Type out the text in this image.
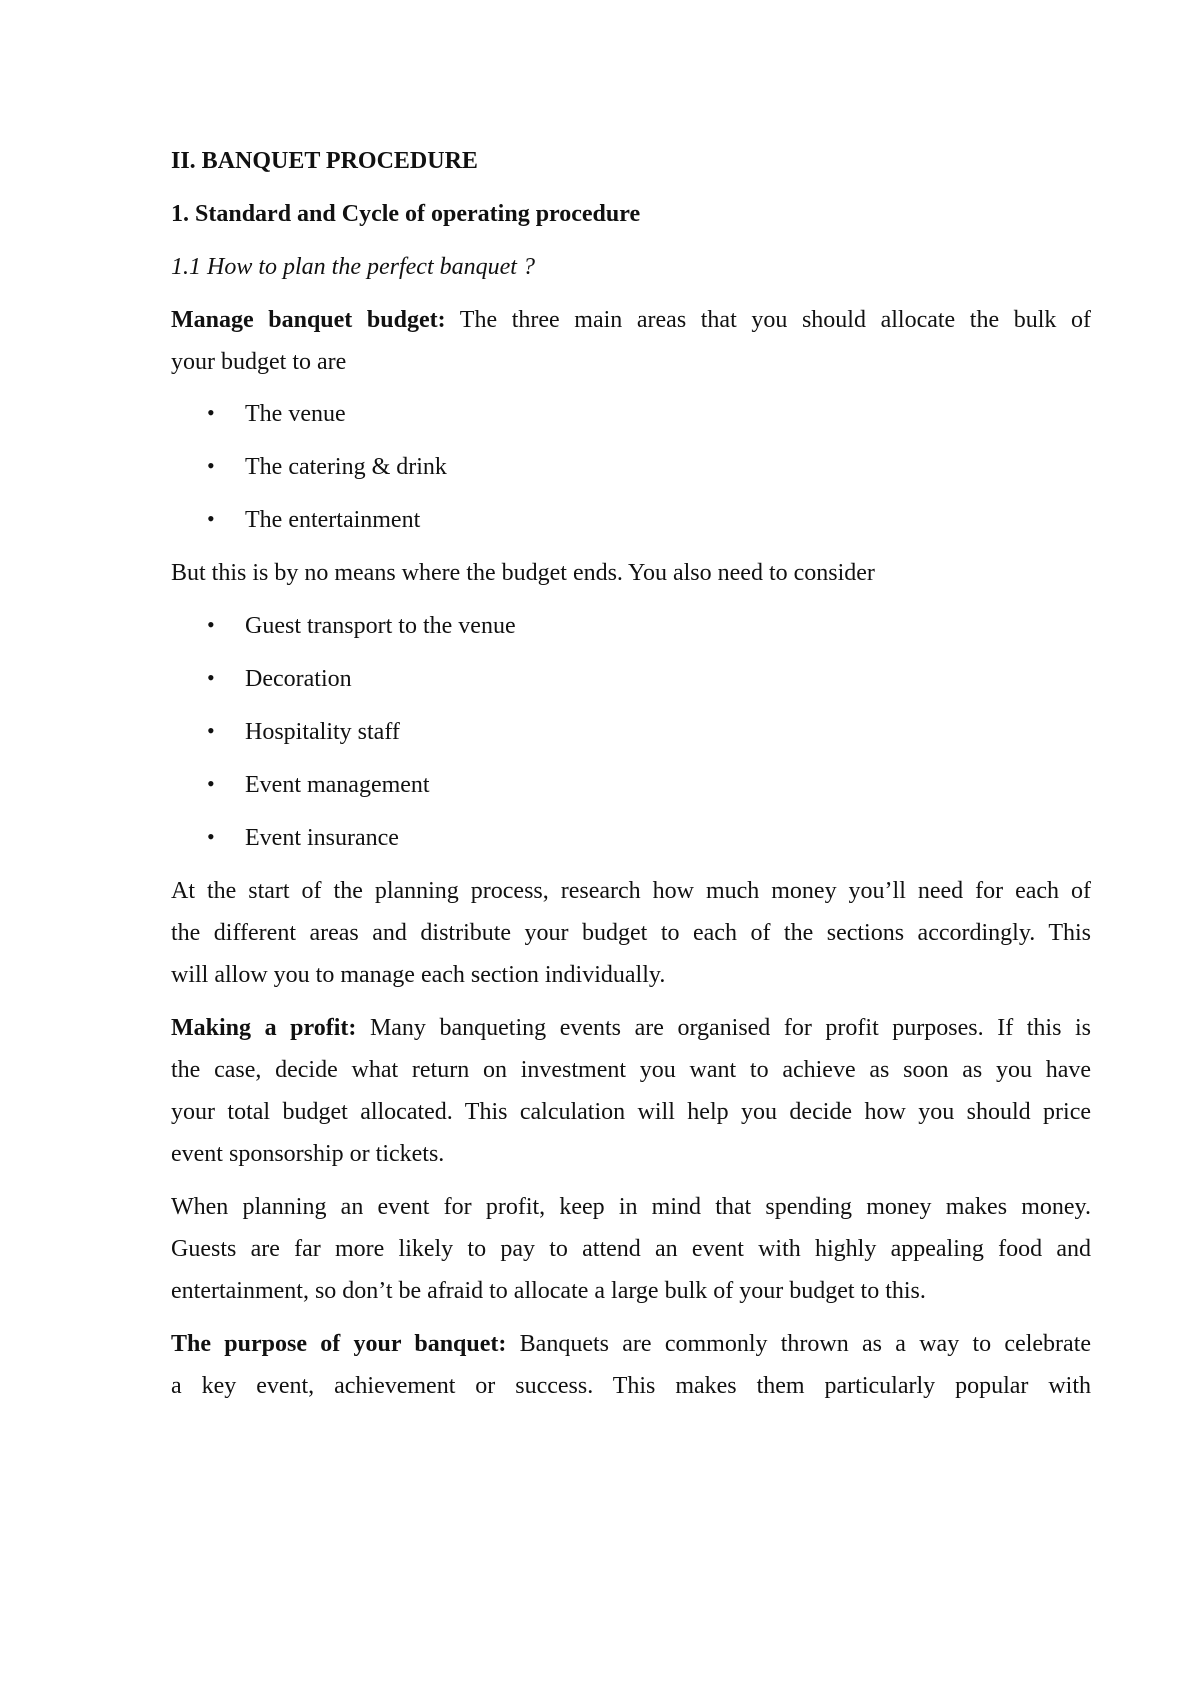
II. BANQUET PROCEDURE
1. Standard and Cycle of operating procedure
1.1 How to plan the perfect banquet ?
Manage banquet budget: The three main areas that you should allocate the bulk of
your budget to are
• The venue
• The catering & drink
• The entertainment
But this is by no means where the budget ends. You also need to consider
• Guest transport to the venue
• Decoration
• Hospitality staff
• Event management
• Event insurance
At the start of the planning process, research how much money you’ll need for each of
the different areas and distribute your budget to each of the sections accordingly. This
will allow you to manage each section individually.
Making a profit: Many banqueting events are organised for profit purposes. If this is
the case, decide what return on investment you want to achieve as soon as you have
your total budget allocated. This calculation will help you decide how you should price
event sponsorship or tickets.
When planning an event for profit, keep in mind that spending money makes money.
Guests are far more likely to pay to attend an event with highly appealing food and
entertainment, so don’t be afraid to allocate a large bulk of your budget to this.
The purpose of your banquet: Banquets are commonly thrown as a way to celebrate
a key event, achievement or success. This makes them particularly popular with
